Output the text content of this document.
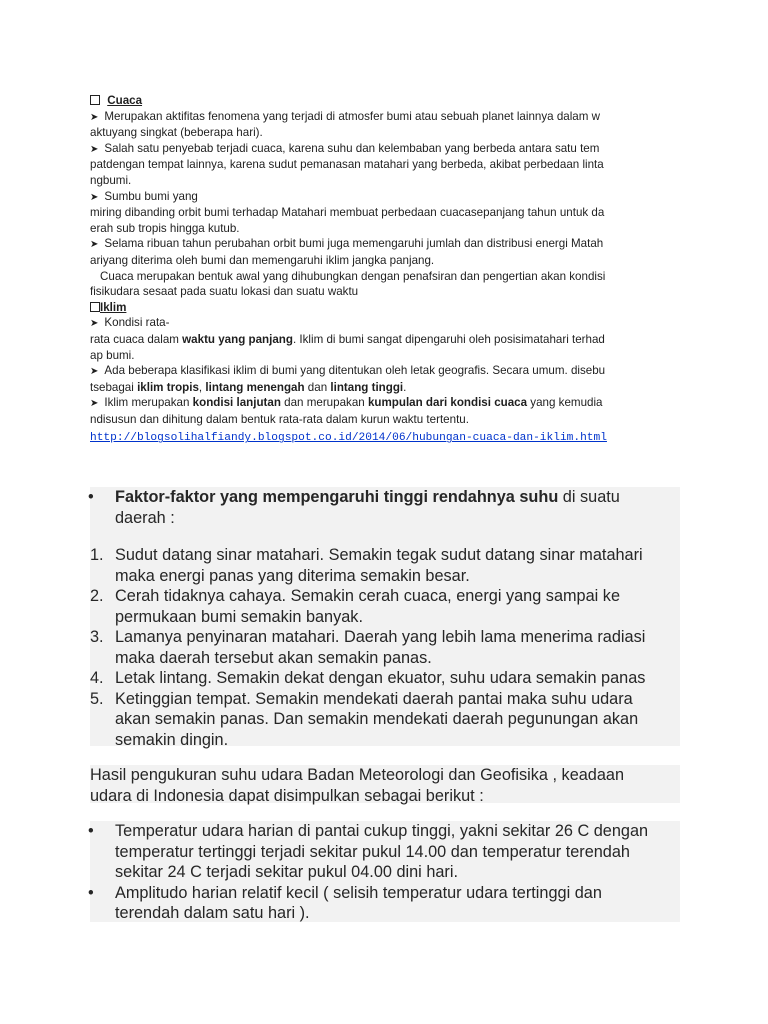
Cuaca
➤ Merupakan aktifitas fenomena yang terjadi di atmosfer bumi atau sebuah planet lainnya dalam w
aktuyang singkat (beberapa hari).
➤ Salah satu penyebab terjadi cuaca, karena suhu dan kelembaban yang berbeda antara satu tem
patdengan tempat lainnya, karena sudut pemanasan matahari yang berbeda, akibat perbedaan linta
ngbumi.
➤ Sumbu bumi yang
miring dibanding orbit bumi terhadap Matahari membuat perbedaan cuacasepanjang tahun untuk da
erah sub tropis hingga kutub.
➤ Selama ribuan tahun perubahan orbit bumi juga memengaruhi jumlah dan distribusi energi Matah
ariyang diterima oleh bumi dan memengaruhi iklim jangka panjang.
Cuaca merupakan bentuk awal yang dihubungkan dengan penafsiran dan pengertian akan kondisi
fisikudara sesaat pada suatu lokasi dan suatu waktu
Iklim
➤ Kondisi rata-
rata cuaca dalam waktu yang panjang. Iklim di bumi sangat dipengaruhi oleh posisimatahari terhad
ap bumi.
➤ Ada beberapa klasifikasi iklim di bumi yang ditentukan oleh letak geografis. Secara umum. disebu
tsebagai iklim tropis, lintang menengah dan lintang tinggi.
➤ Iklim merupakan kondisi lanjutan dan merupakan kumpulan dari kondisi cuaca yang kemudia
ndisusun dan dihitung dalam bentuk rata-rata dalam kurun waktu tertentu.
http://blogsolihalfiandy.blogspot.co.id/2014/06/hubungan-cuaca-dan-iklim.html
• Faktor-faktor yang mempengaruhi tinggi rendahnya suhu di suatu
daerah :
1. Sudut datang sinar matahari. Semakin tegak sudut datang sinar matahari
maka energi panas yang diterima semakin besar.
2. Cerah tidaknya cahaya. Semakin cerah cuaca, energi yang sampai ke
permukaan bumi semakin banyak.
3. Lamanya penyinaran matahari. Daerah yang lebih lama menerima radiasi
maka daerah tersebut akan semakin panas.
4. Letak lintang. Semakin dekat dengan ekuator, suhu udara semakin panas
5. Ketinggian tempat. Semakin mendekati daerah pantai maka suhu udara
akan semakin panas. Dan semakin mendekati daerah pegunungan akan
semakin dingin.
Hasil pengukuran suhu udara Badan Meteorologi dan Geofisika , keadaan
udara di Indonesia dapat disimpulkan sebagai berikut :
• Temperatur udara harian di pantai cukup tinggi, yakni sekitar 26 C dengan
temperatur tertinggi terjadi sekitar pukul 14.00 dan temperatur terendah
sekitar 24 C terjadi sekitar pukul 04.00 dini hari.
• Amplitudo harian relatif kecil ( selisih temperatur udara tertinggi dan
terendah dalam satu hari ).
